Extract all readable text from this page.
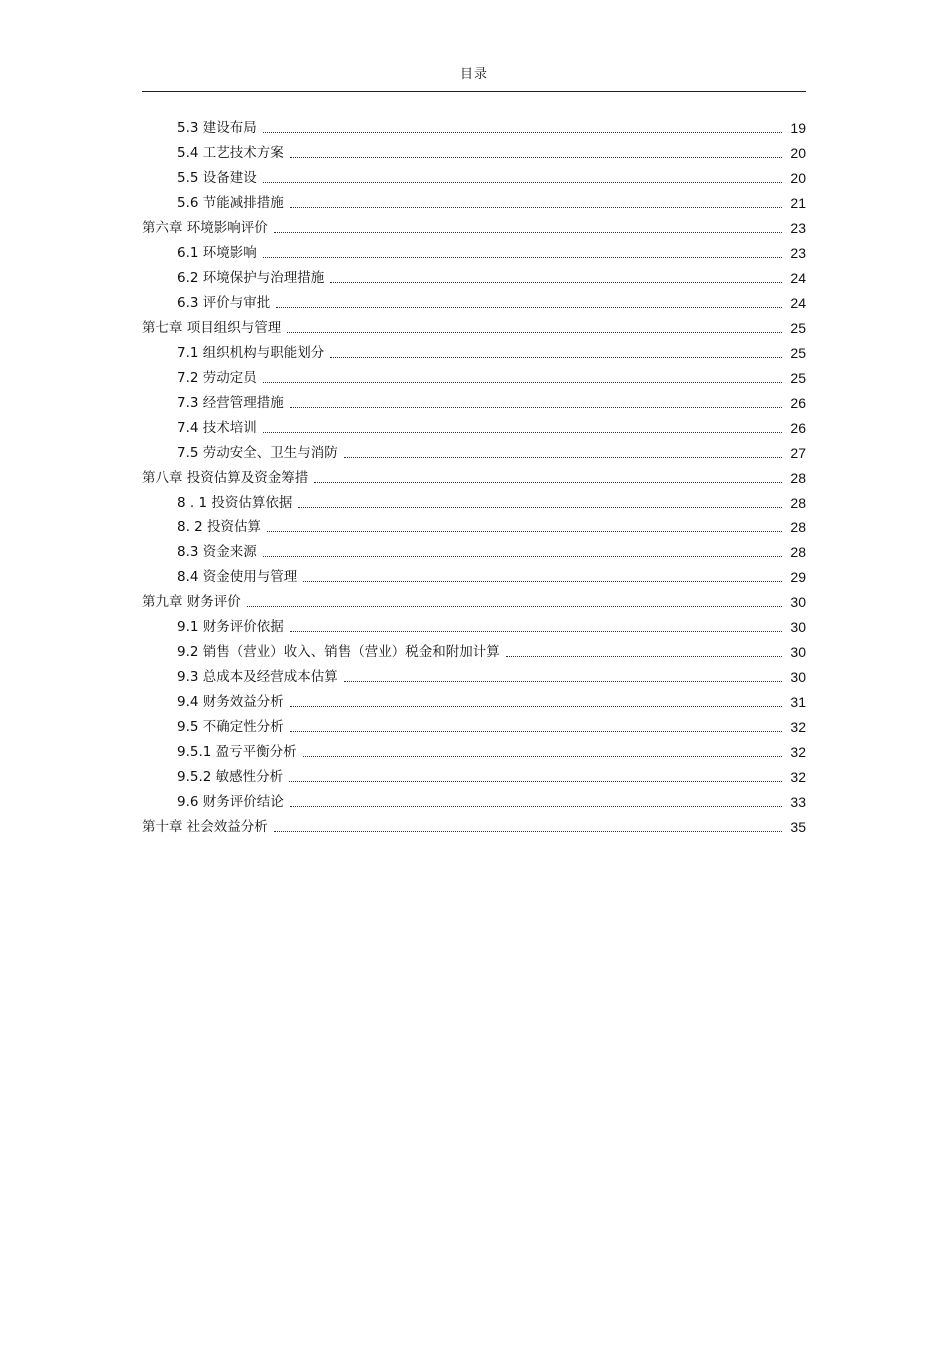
目录
5.3 建设布局	19
5.4 工艺技术方案	20
5.5 设备建设	20
5.6 节能减排措施	21
第六章 环境影响评价	23
6.1 环境影响	23
6.2 环境保护与治理措施	24
6.3 评价与审批	24
第七章 项目组织与管理	25
7.1 组织机构与职能划分	25
7.2 劳动定员	25
7.3 经营管理措施	26
7.4 技术培训	26
7.5 劳动安全、卫生与消防	27
第八章 投资估算及资金筹措	28
8 . 1 投资估算依据	28
8. 2 投资估算	28
8.3 资金来源	28
8.4 资金使用与管理	29
第九章 财务评价	30
9.1 财务评价依据	30
9.2 销售（营业）收入、销售（营业）税金和附加计算	30
9.3 总成本及经营成本估算	30
9.4 财务效益分析	31
9.5 不确定性分析	32
9.5.1 盈亏平衡分析	32
9.5.2 敏感性分析	32
9.6 财务评价结论	33
第十章 社会效益分析	35
